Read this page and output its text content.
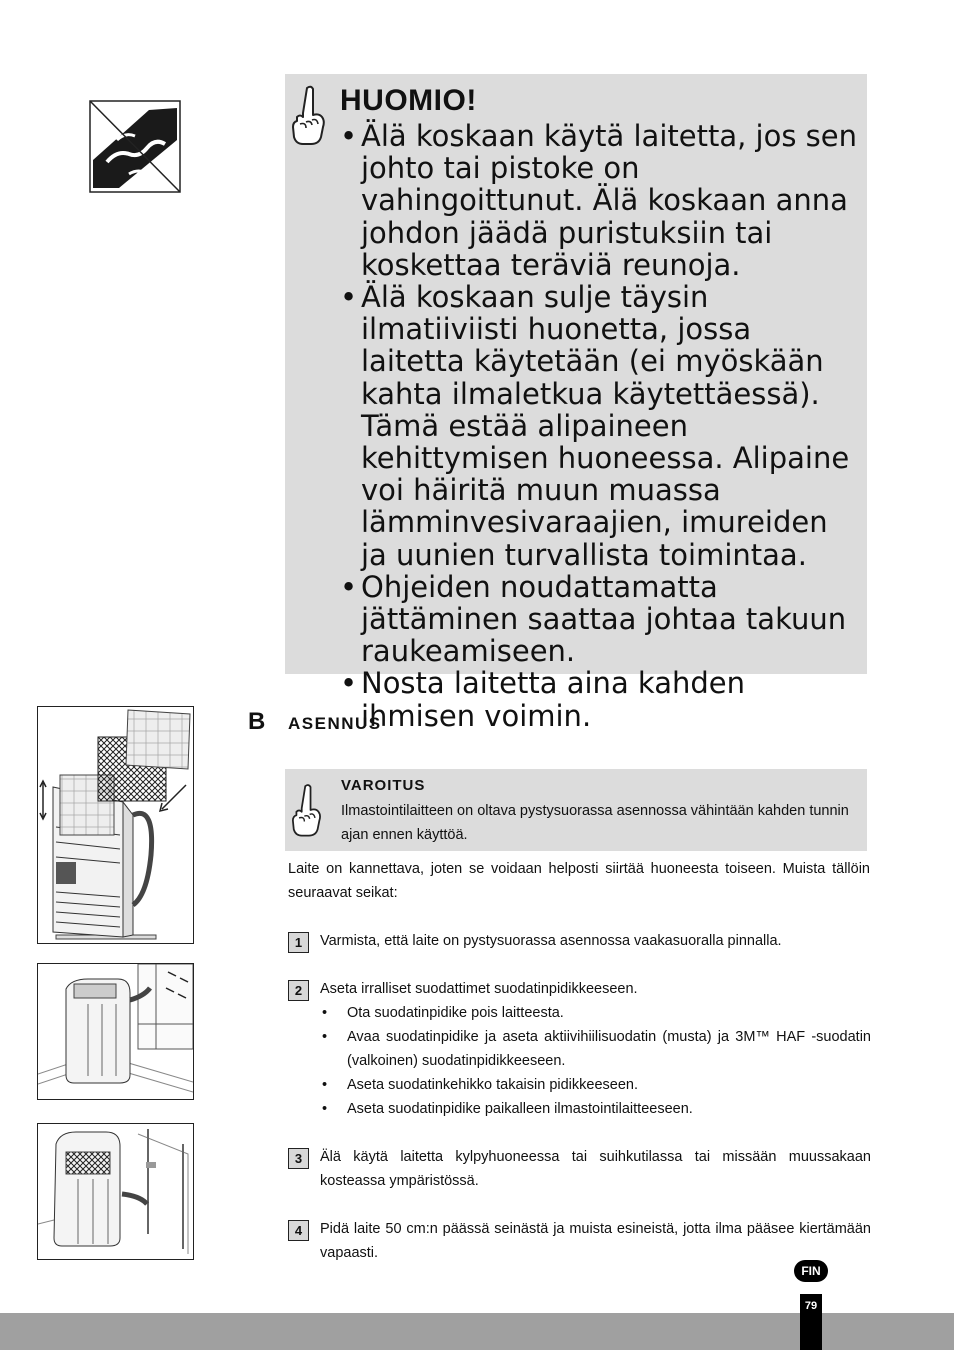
HUOMIO!
• Älä koskaan käytä laitetta, jos sen johto tai pistoke on vahingoittunut. Älä koskaan anna johdon jäädä puristuksiin tai koskettaa teräviä reunoja.
• Älä koskaan sulje täysin ilmatiiviisti huonetta, jossa laitetta käytetään (ei myöskään kahta ilmaletkua käytettäessä). Tämä estää alipaineen kehittymisen huoneessa. Alipaine voi häiritä muun muassa lämminvesivaraajien, imureiden ja uunien turvallista toimintaa.
• Ohjeiden noudattamatta jättäminen saattaa johtaa takuun raukeamiseen.
• Nosta laitetta aina kahden ihmisen voimin.
B ASENNUS
VAROITUS
Ilmastointilaitteen on oltava pystysuorassa asennossa vähintään kahden tunnin ajan ennen käyttöä.
Laite on kannettava, joten se voidaan helposti siirtää huoneesta toiseen. Muista tällöin seuraavat seikat:
1	Varmista, että laite on pystysuorassa asennossa vaakasuoralla pinnalla.
2	Aseta irralliset suodattimet suodatinpidikkeeseen.
• Ota suodatinpidike pois laitteesta.
• Avaa suodatinpidike ja aseta aktiivihiilisuodatin (musta) ja 3M™ HAF -suodatin (valkoinen) suodatinpidikkeeseen.
• Aseta suodatinkehikko takaisin pidikkeeseen.
• Aseta suodatinpidike paikalleen ilmastointilaitteeseen.
3	Älä käytä laitetta kylpyhuoneessa tai suihkutilassa tai missään muussakaan kosteassa ympäristössä.
4	Pidä laite 50 cm:n päässä seinästä ja muista esineistä, jotta ilma pääsee kiertämään vapaasti.
FIN
79
